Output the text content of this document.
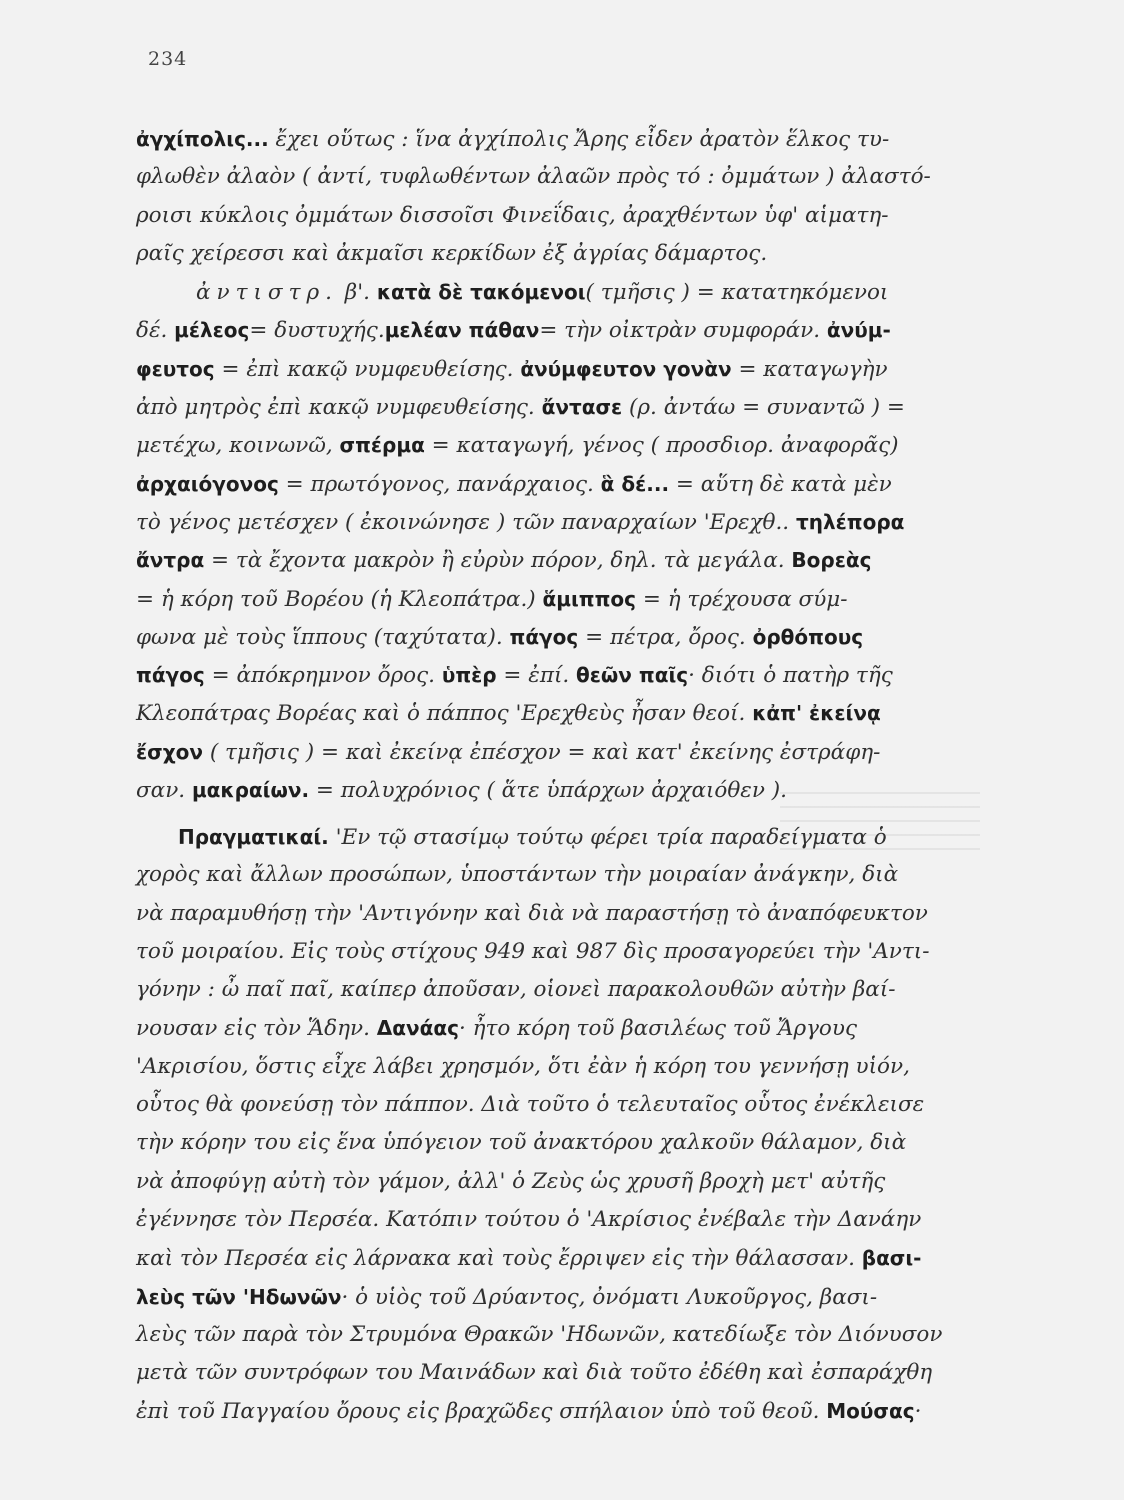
234
ἀγχίπολις... ἔχει οὕτως : ἵνα ἀγχίπολις Ἄρης εἶδεν ἀρατὸν ἕλκος τυ-
φλωθὲν ἀλαὸν ( ἀντί, τυφλωθέντων ἀλαῶν πρὸς τό : ὀμμάτων ) ἀλαστό-
ροισι κύκλοις ὀμμάτων δισσοῖσι Φινεΐδαις, ἀραχθέντων ὑφ' αἱματη-
ραῖς χείρεσσι καὶ ἀκμαῖσι κερκίδων ἐξ ἀγρίας δάμαρτος.
ἀντιστρ. β'. κατὰ δὲ τακόμενοι( τμῆσις ) = κατατηκόμενοι
δέ. μέλεος= δυστυχής.μελέαν πάθαν= τὴν οἰκτρὰν συμφοράν. ἀνύμ-
φευτος = ἐπὶ κακῷ νυμφευθείσης. ἀνύμφευτον γονὰν = καταγωγὴν
ἀπὸ μητρὸς ἐπὶ κακῷ νυμφευθείσης. ἄντασε (ρ. ἀντάω = συναντῶ ) =
μετέχω, κοινωνῶ, σπέρμα = καταγωγή, γένος ( προσδιορ. ἀναφορᾶς)
ἀρχαιόγονος = πρωτόγονος, πανάρχαιος. ἃ δέ... = αὕτη δὲ κατὰ μὲν
τὸ γένος μετέσχεν ( ἐκοινώνησε ) τῶν παναρχαίων 'Ερεχθ.. τηλέπορα
ἄντρα = τὰ ἔχοντα μακρὸν ἢ εὐρὺν πόρον, δηλ. τὰ μεγάλα. Βορεὰς
= ἡ κόρη τοῦ Βορέου (ἡ Κλεοπάτρα.) ἅμιππος = ἡ τρέχουσα σύμ-
φωνα μὲ τοὺς ἵππους (ταχύτατα). πάγος = πέτρα, ὄρος. ὀρθόπους
πάγος = ἀπόκρημνον ὄρος. ὑπὲρ = ἐπί. θεῶν παῖς· διότι ὁ πατὴρ τῆς
Κλεοπάτρας Βορέας καὶ ὁ πάππος 'Ερεχθεὺς ἦσαν θεοί. κἀπ' ἐκείνᾳ
ἔσχον ( τμῆσις ) = καὶ ἐκείνᾳ ἐπέσχον = καὶ κατ' ἐκείνης ἐστράφη-
σαν. μακραίων. = πολυχρόνιος ( ἅτε ὑπάρχων ἀρχαιόθεν ).
Πραγματικαί. 'Εν τῷ στασίμῳ τούτῳ φέρει τρία παραδείγματα ὁ
χορὸς καὶ ἄλλων προσώπων, ὑποστάντων τὴν μοιραίαν ἀνάγκην, διὰ
νὰ παραμυθήσῃ τὴν 'Αντιγόνην καὶ διὰ νὰ παραστήσῃ τὸ ἀναπόφευκτον
τοῦ μοιραίου. Εἰς τοὺς στίχους 949 καὶ 987 δὶς προσαγορεύει τὴν 'Αντι-
γόνην : ὦ παῖ παῖ, καίπερ ἀποῦσαν, οἱονεὶ παρακολουθῶν αὐτὴν βαί-
νουσαν εἰς τὸν Ἅδην. Δανάας· ἦτο κόρη τοῦ βασιλέως τοῦ Ἄργους
'Ακρισίου, ὅστις εἶχε λάβει χρησμόν, ὅτι ἐὰν ἡ κόρη του γεννήσῃ υἱόν,
οὗτος θὰ φονεύσῃ τὸν πάππον. Διὰ τοῦτο ὁ τελευταῖος οὗτος ἐνέκλεισε
τὴν κόρην του εἰς ἕνα ὑπόγειον τοῦ ἀνακτόρου χαλκοῦν θάλαμον, διὰ
νὰ ἀποφύγῃ αὐτὴ τὸν γάμον, ἀλλ' ὁ Ζεὺς ὡς χρυσῆ βροχὴ μετ' αὐτῆς
ἐγέννησε τὸν Περσέα. Κατόπιν τούτου ὁ 'Ακρίσιος ἐνέβαλε τὴν Δανάην
καὶ τὸν Περσέα εἰς λάρνακα καὶ τοὺς ἔρριψεν εἰς τὴν θάλασσαν. βασι-
λεὺς τῶν 'Ηδωνῶν· ὁ υἱὸς τοῦ Δρύαντος, ὀνόματι Λυκοῦργος, βασι-
λεὺς τῶν παρὰ τὸν Στρυμόνα Θρακῶν 'Ηδωνῶν, κατεδίωξε τὸν Διόνυσον
μετὰ τῶν συντρόφων του Μαινάδων καὶ διὰ τοῦτο ἐδέθη καὶ ἐσπαράχθη
ἐπὶ τοῦ Παγγαίου ὄρους εἰς βραχῶδες σπήλαιον ὑπὸ τοῦ θεοῦ. Μούσας·
